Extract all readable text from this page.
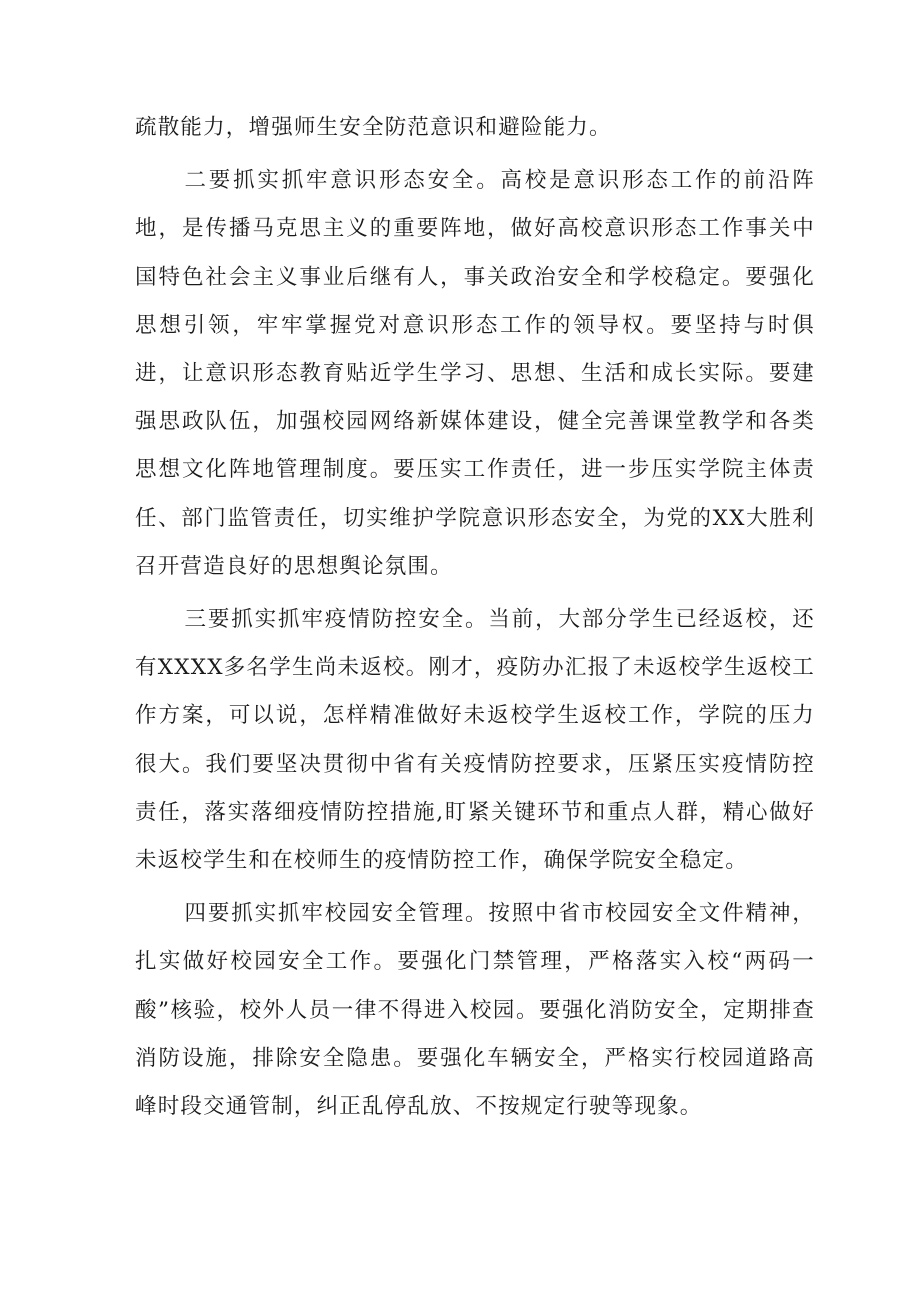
疏散能力，增强师生安全防范意识和避险能力。

二要抓实抓牢意识形态安全。高校是意识形态工作的前沿阵地，是传播马克思主义的重要阵地，做好高校意识形态工作事关中国特色社会主义事业后继有人，事关政治安全和学校稳定。要强化思想引领，牢牢掌握党对意识形态工作的领导权。要坚持与时俱进，让意识形态教育贴近学生学习、思想、生活和成长实际。要建强思政队伍，加强校园网络新媒体建设，健全完善课堂教学和各类思想文化阵地管理制度。要压实工作责任，进一步压实学院主体责任、部门监管责任，切实维护学院意识形态安全，为党的XX大胜利召开营造良好的思想舆论氛围。

三要抓实抓牢疫情防控安全。当前，大部分学生已经返校，还有XXXX多名学生尚未返校。刚才，疫防办汇报了未返校学生返校工作方案，可以说，怎样精准做好未返校学生返校工作，学院的压力很大。我们要坚决贯彻中省有关疫情防控要求，压紧压实疫情防控责任，落实落细疫情防控措施,盯紧关键环节和重点人群，精心做好未返校学生和在校师生的疫情防控工作，确保学院安全稳定。

四要抓实抓牢校园安全管理。按照中省市校园安全文件精神，扎实做好校园安全工作。要强化门禁管理，严格落实入校“两码一酸”核验，校外人员一律不得进入校园。要强化消防安全，定期排查消防设施，排除安全隐患。要强化车辆安全，严格实行校园道路高峰时段交通管制，纠正乱停乱放、不按规定行驶等现象。
